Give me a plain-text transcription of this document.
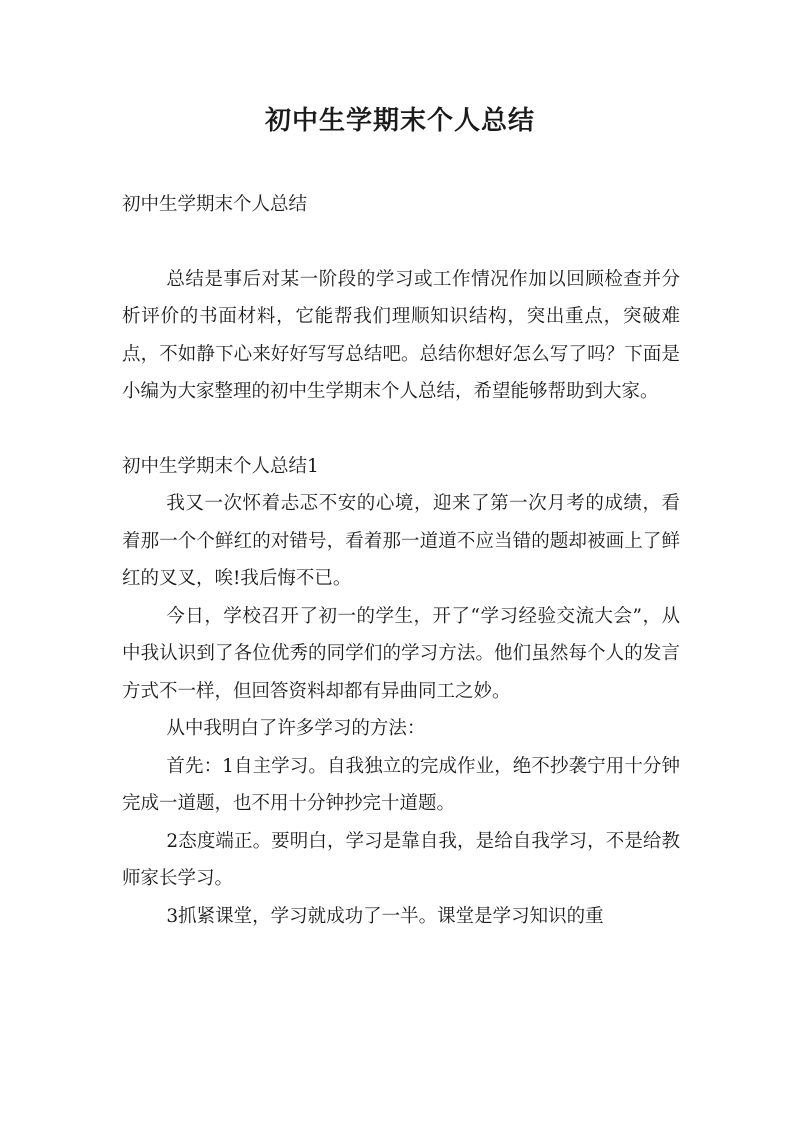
初中生学期末个人总结

初中生学期末个人总结

总结是事后对某一阶段的学习或工作情况作加以回顾检查并分析评价的书面材料，它能帮我们理顺知识结构，突出重点，突破难点，不如静下心来好好写写总结吧。总结你想好怎么写了吗？下面是小编为大家整理的初中生学期末个人总结，希望能够帮助到大家。

初中生学期末个人总结1

我又一次怀着忐忑不安的心境，迎来了第一次月考的成绩，看着那一个个鲜红的对错号，看着那一道道不应当错的题却被画上了鲜红的叉叉，唉!我后悔不已。

今日，学校召开了初一的学生，开了“学习经验交流大会”，从中我认识到了各位优秀的同学们的学习方法。他们虽然每个人的发言方式不一样，但回答资料却都有异曲同工之妙。

从中我明白了许多学习的方法：

首先：1自主学习。自我独立的完成作业，绝不抄袭宁用十分钟完成一道题，也不用十分钟抄完十道题。

2态度端正。要明白，学习是靠自我，是给自我学习，不是给教师家长学习。

3抓紧课堂，学习就成功了一半。课堂是学习知识的重
